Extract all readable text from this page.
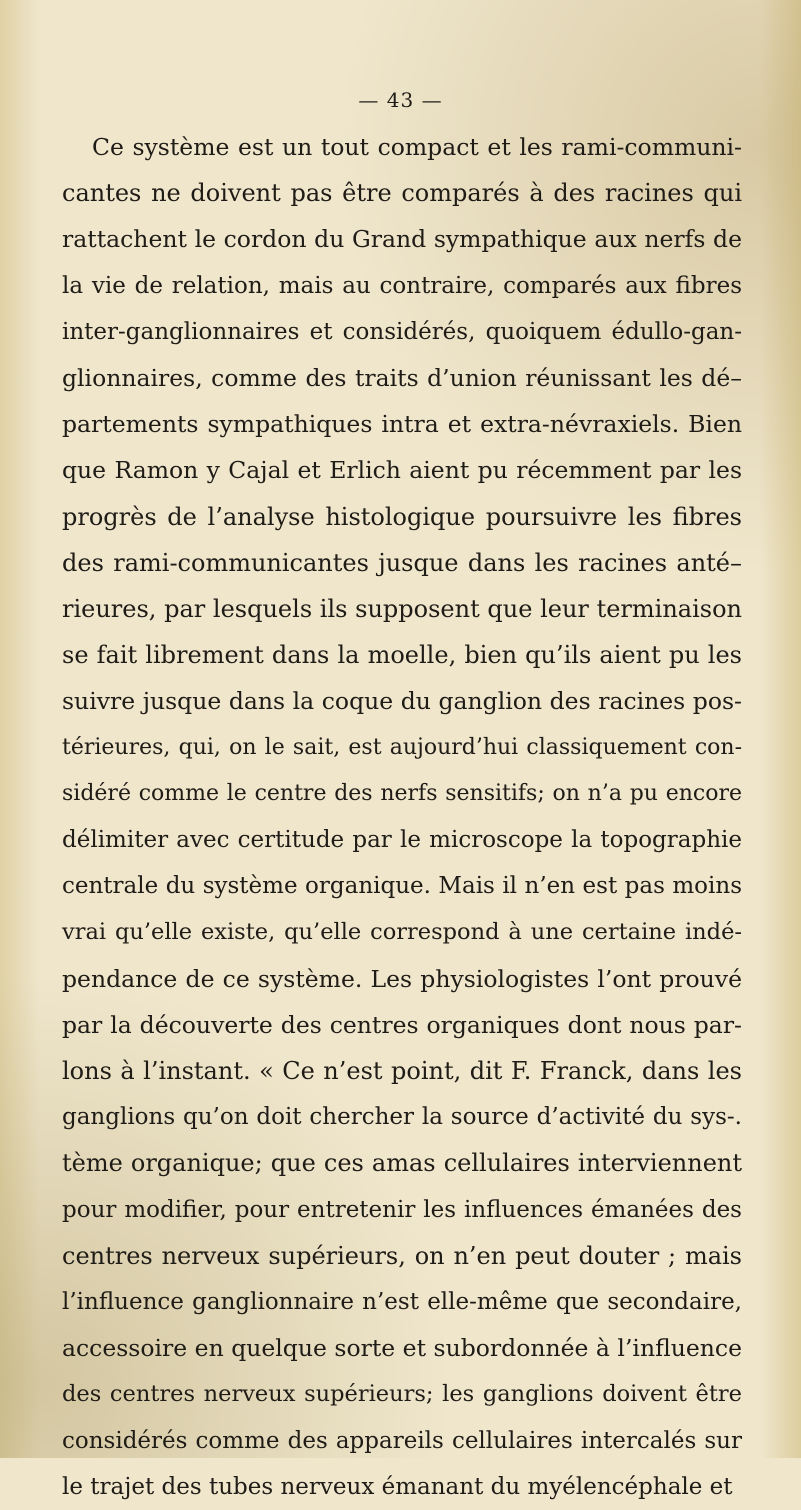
— 43 —
Ce système est un tout compact et les rami-communi-
cantes ne doivent pas être comparés à des racines qui
rattachent le cordon du Grand sympathique aux nerfs de
la vie de relation, mais au contraire, comparés aux fibres
inter-ganglionnaires et considérés, quoiquem édullo-gan-
glionnaires, comme des traits d’union réunissant les dé–
partements sympathiques intra et extra-névraxiels. Bien
que Ramon y Cajal et Erlich aient pu récemment par les
progrès de l’analyse histologique poursuivre les fibres
des rami-communicantes jusque dans les racines anté–
rieures, par lesquels ils supposent que leur terminaison
se fait librement dans la moelle, bien qu’ils aient pu les
suivre jusque dans la coque du ganglion des racines pos-
térieures, qui, on le sait, est aujourd’hui classiquement con-
sidéré comme le centre des nerfs sensitifs; on n’a pu encore
délimiter avec certitude par le microscope la topographie
centrale du système organique. Mais il n’en est pas moins
vrai qu’elle existe, qu’elle correspond à une certaine indé-
pendance de ce système. Les physiologistes l’ont prouvé
par la découverte des centres organiques dont nous par-
lons à l’instant. « Ce n’est point, dit F. Franck, dans les
ganglions qu’on doit chercher la source d’activité du sys-.
tème organique; que ces amas cellulaires interviennent
pour modifier, pour entretenir les influences émanées des
centres nerveux supérieurs, on n’en peut douter ; mais
l’influence ganglionnaire n’est elle-même que secondaire,
accessoire en quelque sorte et subordonnée à l’influence
des centres nerveux supérieurs; les ganglions doivent être
considérés comme des appareils cellulaires intercalés sur
le trajet des tubes nerveux émanant du myélencéphale et
